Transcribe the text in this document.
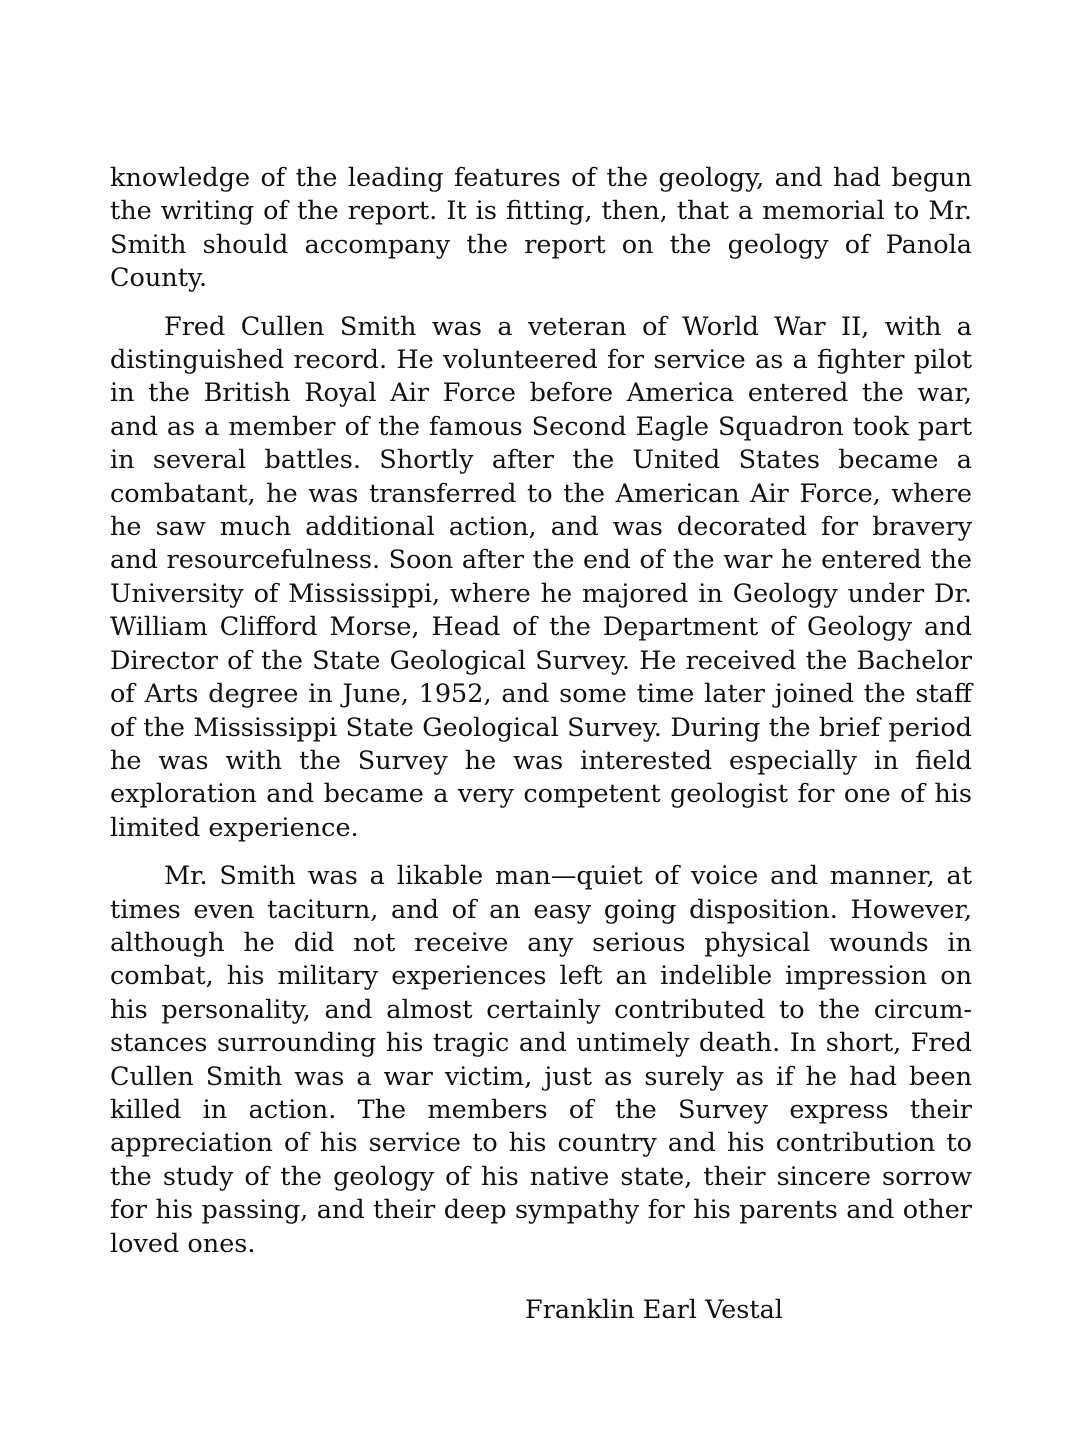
knowledge of the leading features of the geology, and had begun the writing of the report. It is fitting, then, that a memorial to Mr. Smith should accompany the report on the geology of Panola County.

Fred Cullen Smith was a veteran of World War II, with a distinguished record. He volunteered for service as a fighter pilot in the British Royal Air Force before America entered the war, and as a member of the famous Second Eagle Squadron took part in several battles. Shortly after the United States became a combatant, he was transferred to the American Air Force, where he saw much additional action, and was decorated for bravery and resourcefulness. Soon after the end of the war he entered the University of Mississippi, where he majored in Geology under Dr. William Clifford Morse, Head of the Department of Geology and Director of the State Geological Survey. He received the Bachelor of Arts degree in June, 1952, and some time later joined the staff of the Mississippi State Geological Survey. During the brief period he was with the Survey he was interested especially in field exploration and became a very competent geologist for one of his limited experience.

Mr. Smith was a likable man—quiet of voice and manner, at times even taciturn, and of an easy going disposition. However, although he did not receive any serious physical wounds in combat, his military experiences left an indelible impression on his personality, and almost certainly contributed to the circumstances surrounding his tragic and untimely death. In short, Fred Cullen Smith was a war victim, just as surely as if he had been killed in action. The members of the Survey express their appreciation of his service to his country and his contribution to the study of the geology of his native state, their sincere sorrow for his passing, and their deep sympathy for his parents and other loved ones.

Franklin Earl Vestal
